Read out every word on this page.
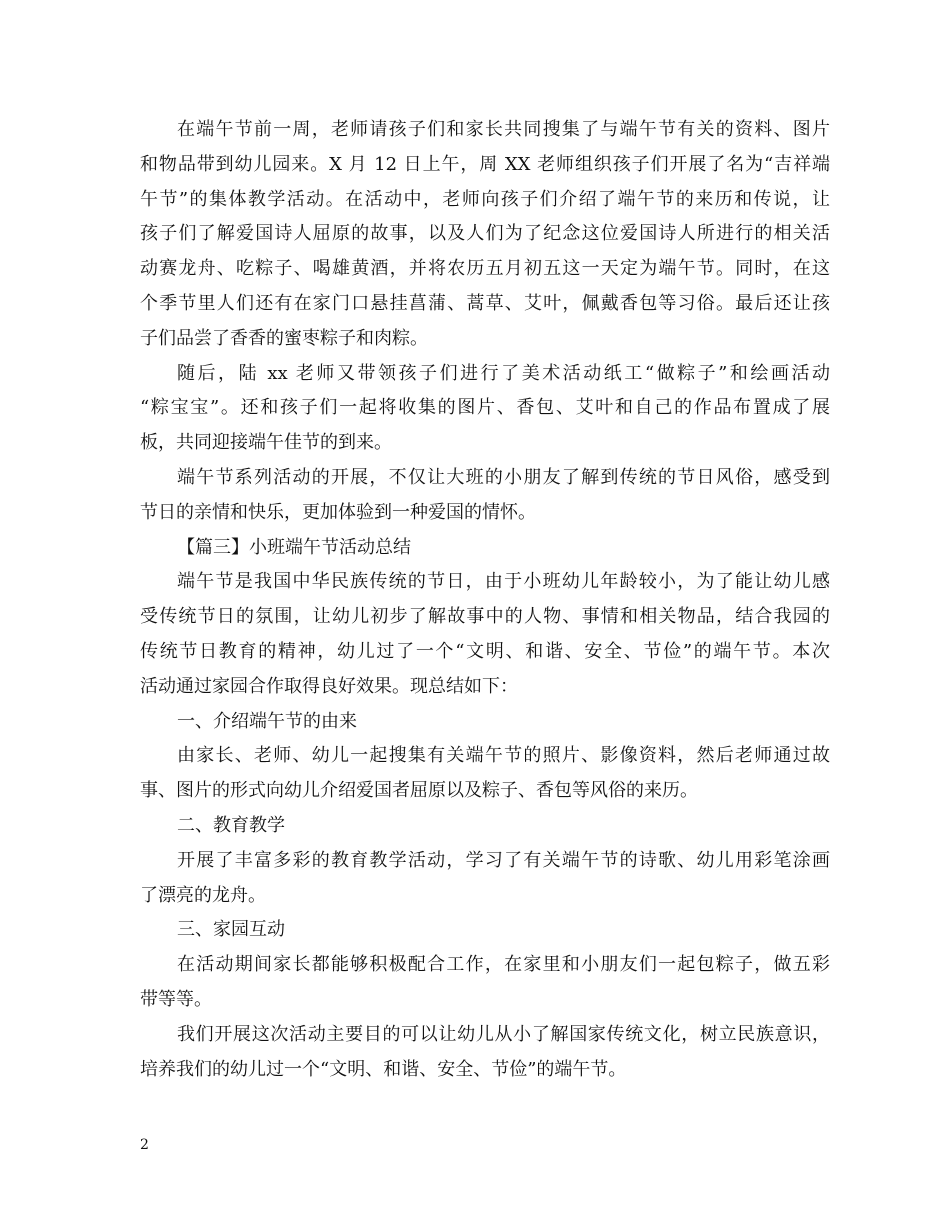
在端午节前一周，老师请孩子们和家长共同搜集了与端午节有关的资料、图片
和物品带到幼儿园来。X 月 12 日上午，周 XX 老师组织孩子们开展了名为“吉祥端
午节”的集体教学活动。在活动中，老师向孩子们介绍了端午节的来历和传说，让
孩子们了解爱国诗人屈原的故事，以及人们为了纪念这位爱国诗人所进行的相关活
动赛龙舟、吃粽子、喝雄黄酒，并将农历五月初五这一天定为端午节。同时，在这
个季节里人们还有在家门口悬挂菖蒲、蒿草、艾叶，佩戴香包等习俗。最后还让孩
子们品尝了香香的蜜枣粽子和肉粽。
随后，陆 xx 老师又带领孩子们进行了美术活动纸工“做粽子”和绘画活动
“粽宝宝”。还和孩子们一起将收集的图片、香包、艾叶和自己的作品布置成了展
板，共同迎接端午佳节的到来。
端午节系列活动的开展，不仅让大班的小朋友了解到传统的节日风俗，感受到
节日的亲情和快乐，更加体验到一种爱国的情怀。
【篇三】小班端午节活动总结
端午节是我国中华民族传统的节日，由于小班幼儿年龄较小，为了能让幼儿感
受传统节日的氛围，让幼儿初步了解故事中的人物、事情和相关物品，结合我园的
传统节日教育的精神，幼儿过了一个“文明、和谐、安全、节俭”的端午节。本次
活动通过家园合作取得良好效果。现总结如下：
一、介绍端午节的由来
由家长、老师、幼儿一起搜集有关端午节的照片、影像资料，然后老师通过故
事、图片的形式向幼儿介绍爱国者屈原以及粽子、香包等风俗的来历。
二、教育教学
开展了丰富多彩的教育教学活动，学习了有关端午节的诗歌、幼儿用彩笔涂画
了漂亮的龙舟。
三、家园互动
在活动期间家长都能够积极配合工作，在家里和小朋友们一起包粽子，做五彩
带等等。
我们开展这次活动主要目的可以让幼儿从小了解国家传统文化，树立民族意识，
培养我们的幼儿过一个“文明、和谐、安全、节俭”的端午节。
2
